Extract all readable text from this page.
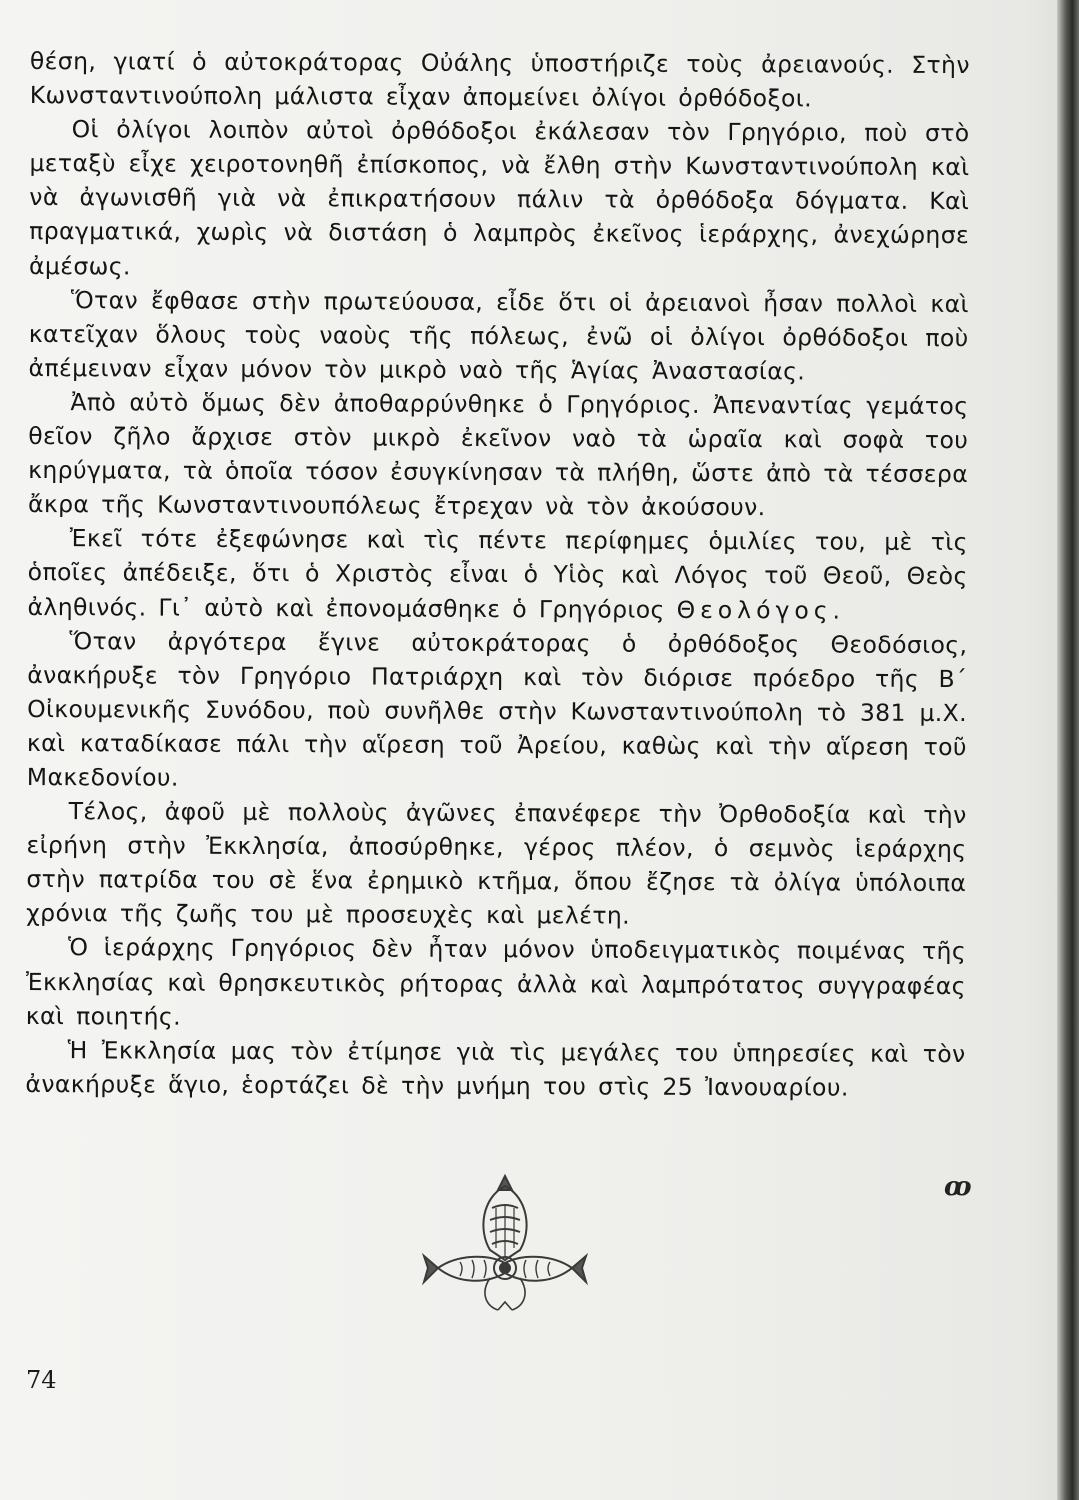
θέση, γιατί ὁ αὐτοκράτορας Οὐάλης ὑποστήριζε τοὺς ἀρειανούς. Στὴν Κωνσταντινούπολη μάλιστα εἶχαν ἀπομείνει ὀλίγοι ὀρθόδοξοι.

Οἱ ὀλίγοι λοιπὸν αὐτοὶ ὀρθόδοξοι ἐκάλεσαν τὸν Γρηγόριο, ποὺ στὸ μεταξὺ εἶχε χειροτονηθῆ ἐπίσκοπος, νὰ ἔλθη στὴν Κωνσταντινούπολη καὶ νὰ ἀγωνισθῆ γιὰ νὰ ἐπικρατήσουν πάλιν τὰ ὀρθόδοξα δόγματα. Καὶ πραγματικά, χωρὶς νὰ διστάση ὁ λαμπρὸς ἐκεῖνος ἱεράρχης, ἀνεχώρησε ἀμέσως.

Ὅταν ἔφθασε στὴν πρωτεύουσα, εἶδε ὅτι οἱ ἀρειανοὶ ἦσαν πολλοὶ καὶ κατεῖχαν ὅλους τοὺς ναοὺς τῆς πόλεως, ἐνῶ οἱ ὀλίγοι ὀρθόδοξοι ποὺ ἀπέμειναν εἶχαν μόνον τὸν μικρὸ ναὸ τῆς Ἁγίας Ἀναστασίας.

Ἀπὸ αὐτὸ ὅμως δὲν ἀποθαρρύνθηκε ὁ Γρηγόριος. Ἀπεναντίας γεμάτος θεῖον ζῆλο ἄρχισε στὸν μικρὸ ἐκεῖνον ναὸ τὰ ὡραῖα καὶ σοφὰ του κηρύγματα, τὰ ὁποῖα τόσον ἐσυγκίνησαν τὰ πλήθη, ὥστε ἀπὸ τὰ τέσσερα ἄκρα τῆς Κωνσταντινουπόλεως ἔτρεχαν νὰ τὸν ἀκούσουν.

Ἐκεῖ τότε ἐξεφώνησε καὶ τὶς πέντε περίφημες ὁμιλίες του, μὲ τὶς ὁποῖες ἀπέδειξε, ὅτι ὁ Χριστὸς εἶναι ὁ Υἱὸς καὶ Λόγος τοῦ Θεοῦ, Θεὸς ἀληθινός. Γι᾽ αὐτὸ καὶ ἐπονομάσθηκε ὁ Γρηγόριος Θεολόγος.

Ὅταν ἀργότερα ἔγινε αὐτοκράτορας ὁ ὀρθόδοξος Θεοδόσιος, ἀνακήρυξε τὸν Γρηγόριο Πατριάρχη καὶ τὸν διόρισε πρόεδρο τῆς Β΄ Οἰκουμενικῆς Συνόδου, ποὺ συνῆλθε στὴν Κωνσταντινούπολη τὸ 381 μ.Χ. καὶ καταδίκασε πάλι τὴν αἵρεση τοῦ Ἀρείου, καθὼς καὶ τὴν αἵρεση τοῦ Μακεδονίου.

Τέλος, ἀφοῦ μὲ πολλοὺς ἀγῶνες ἐπανέφερε τὴν Ὀρθοδοξία καὶ τὴν εἰρήνη στὴν Ἐκκλησία, ἀποσύρθηκε, γέρος πλέον, ὁ σεμνὸς ἱεράρχης στὴν πατρίδα του σὲ ἕνα ἐρημικὸ κτῆμα, ὅπου ἔζησε τὰ ὀλίγα ὑπόλοιπα χρόνια τῆς ζωῆς του μὲ προσευχὲς καὶ μελέτη.

Ὁ ἱεράρχης Γρηγόριος δὲν ἦταν μόνον ὑποδειγματικὸς ποιμένας τῆς Ἐκκλησίας καὶ θρησκευτικὸς ρήτορας ἀλλὰ καὶ λαμπρότατος συγγραφέας καὶ ποιητής.

Ἡ Ἐκκλησία μας τὸν ἐτίμησε γιὰ τὶς μεγάλες του ὑπηρεσίες καὶ τὸν ἀνακήρυξε ἅγιο, ἑορτάζει δὲ τὴν μνήμη του στὶς 25 Ἰανουαρίου.

ꝏ
74
